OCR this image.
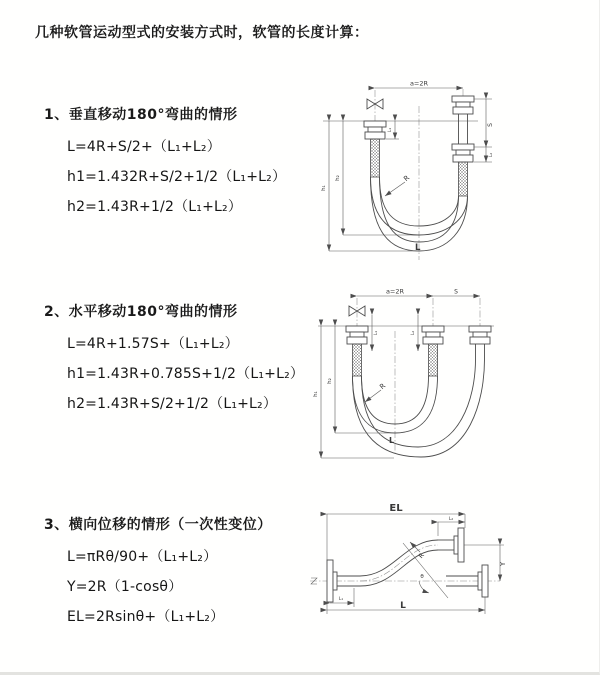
几种软管运动型式的安装方式时，软管的长度计算：
1、垂直移动180°弯曲的情形
L=4R+S/2+（L₁+L₂）
h1=1.432R+S/2+1/2（L₁+L₂）
h2=1.43R+1/2（L₁+L₂）
2、水平移动180°弯曲的情形
L=4R+1.57S+（L₁+L₂）
h1=1.43R+0.785S+1/2（L₁+L₂）
h2=1.43R+S/2+1/2（L₁+L₂）
3、横向位移的情形（一次性变位）
L=πRθ/90+（L₁+L₂）
Y=2R（1-cosθ）
EL=2Rsinθ+（L₁+L₂）
a=2R
S
L₂
L₁
h₂
h₁
R
L
a=2R	S
L₁	L₂
h₂
h₁
R
L
EL
L₂
θ
Y
R
L₁
L
